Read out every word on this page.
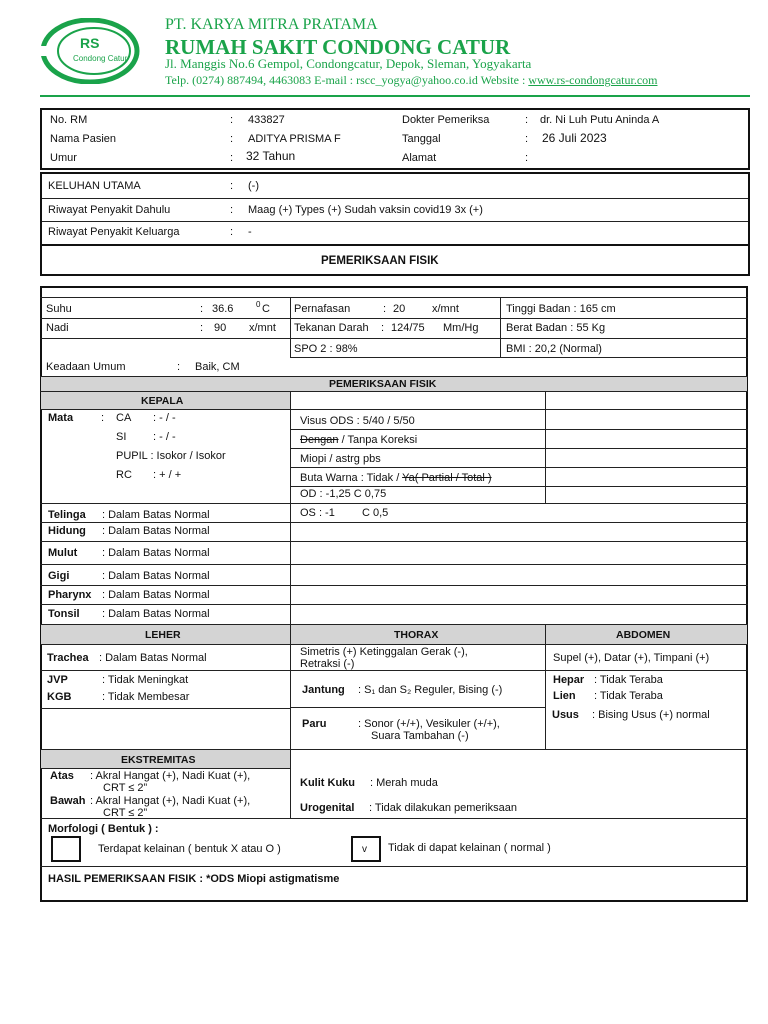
RS
Condong Catur
PT. KARYA MITRA PRATAMA
RUMAH SAKIT CONDONG CATUR
Jl. Manggis No.6 Gempol, Condongcatur, Depok, Sleman, Yogyakarta
Telp. (0274) 887494, 4463083 E-mail : rscc_yogya@yahoo.co.id Website : www.rs-condongcatur.com
No. RM	: 433827
Nama Pasien	: ADITYA PRISMA F
Umur	: 32 Tahun
Dokter Pemeriksa	: dr. Ni Luh Putu Aninda A
Tanggal	: 26 Juli 2023
Alamat	:
KELUHAN UTAMA	: (-)
Riwayat Penyakit Dahulu	: Maag (+) Types (+) Sudah vaksin covid19 3x (+)
Riwayat Penyakit Keluarga	: -
PEMERIKSAAN FISIK
Suhu	: 36.6	0 C
Nadi	: 90 x/mnt
Pernafasan	: 20 x/mnt
Tekanan Darah : 124/75 Mm/Hg
SPO 2 : 98%
Tinggi Badan : 165 cm
Berat Badan : 55 Kg
BMI : 20,2 (Normal)
Keadaan Umum	: Baik, CM
PEMERIKSAAN FISIK
KEPALA
Mata	: CA : - / -
SI : - / -
PUPIL : Isokor / Isokor
RC : + / +
Visus ODS : 5/40 / 5/50
Dengan / Tanpa Koreksi
Miopi / astrg pbs
Buta Warna : Tidak / Ya( Partial / Total )
OD : -1,25 C 0,75
OS : -1 C 0,5
Telinga : Dalam Batas Normal
Hidung : Dalam Batas Normal
Mulut : Dalam Batas Normal
Gigi	: Dalam Batas Normal
Pharynx : Dalam Batas Normal
Tonsil : Dalam Batas Normal
LEHER	THORAX	ABDOMEN
Trachea : Dalam Batas Normal
JVP	: Tidak Meningkat
KGB	: Tidak Membesar
Simetris (+) Ketinggalan Gerak (-),
Retraksi (-)
Jantung : S₁ dan S₂ Reguler, Bising (-)
Paru	: Sonor (+/+), Vesikuler (+/+),
Suara Tambahan (-)
Supel (+), Datar (+), Timpani (+)
Hepar : Tidak Teraba
Lien : Tidak Teraba
Usus : Bising Usus (+) normal
EKSTREMITAS
Atas : Akral Hangat (+), Nadi Kuat (+),
CRT ≤ 2”
Bawah : Akral Hangat (+), Nadi Kuat (+),
CRT ≤ 2”
Kulit Kuku : Merah muda
Urogenital : Tidak dilakukan pemeriksaan
Morfologi ( Bentuk ) :
Terdapat kelainan ( bentuk X atau O )	v Tidak di dapat kelainan ( normal )
HASIL PEMERIKSAAN FISIK : *ODS Miopi astigmatisme
